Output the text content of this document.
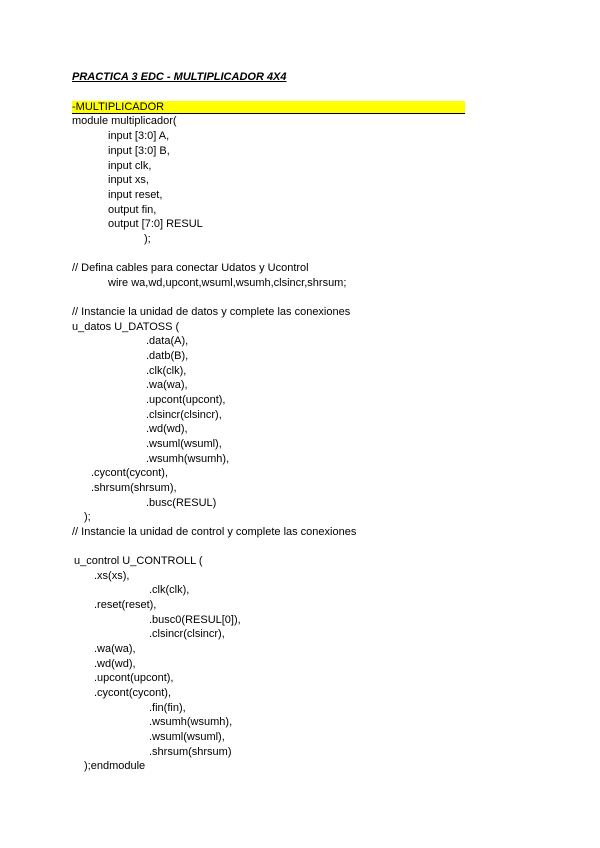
PRACTICA 3 EDC - MULTIPLICADOR 4X4
-MULTIPLICADOR
module multiplicador(
input [3:0] A,
input [3:0] B,
input clk,
input xs,
input reset,
output fin,
output [7:0] RESUL
);
// Defina cables para conectar Udatos y Ucontrol
wire wa,wd,upcont,wsuml,wsumh,clsincr,shrsum;
// Instancie la unidad de datos y complete las conexiones
u_datos U_DATOSS (
.data(A),
.datb(B),
.clk(clk),
.wa(wa),
.upcont(upcont),
.clsincr(clsincr),
.wd(wd),
.wsuml(wsuml),
.wsumh(wsumh),
.cycont(cycont),
.shrsum(shrsum),
.busc(RESUL)
);
// Instancie la unidad de control y complete las conexiones
u_control U_CONTROLL (
.xs(xs),
.clk(clk),
.reset(reset),
.busc0(RESUL[0]),
.clsincr(clsincr),
.wa(wa),
.wd(wd),
.upcont(upcont),
.cycont(cycont),
.fin(fin),
.wsumh(wsumh),
.wsuml(wsuml),
.shrsum(shrsum)
);endmodule
